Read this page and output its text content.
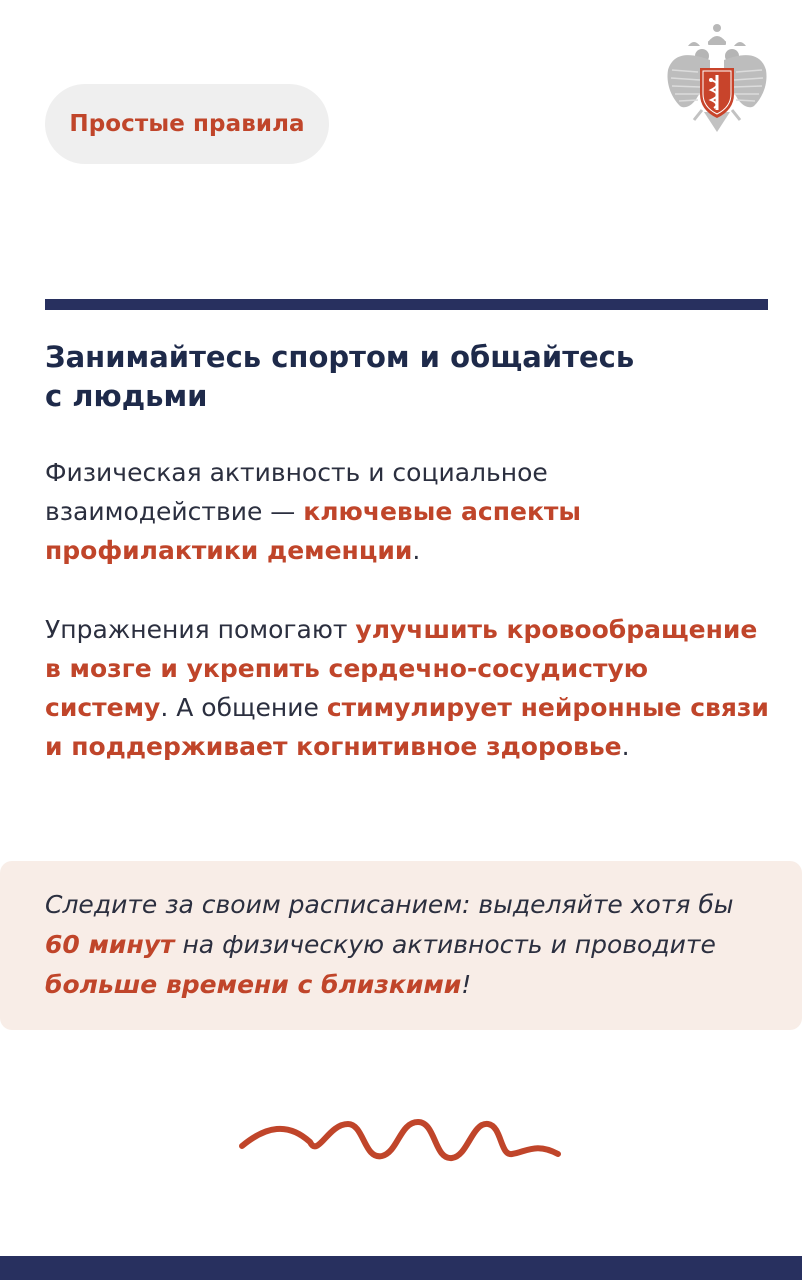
Простые правила
Занимайтесь спортом и общайтесь
с людьми

Физическая активность и социальное взаимодействие — ключевые аспекты профилактики деменции.

Упражнения помогают улучшить кровообращение в мозге и укрепить сердечно-сосудистую систему. А общение стимулирует нейронные связи и поддерживает когнитивное здоровье.

Следите за своим расписанием: выделяйте хотя бы 60 минут на физическую активность и проводите больше времени с близкими!
